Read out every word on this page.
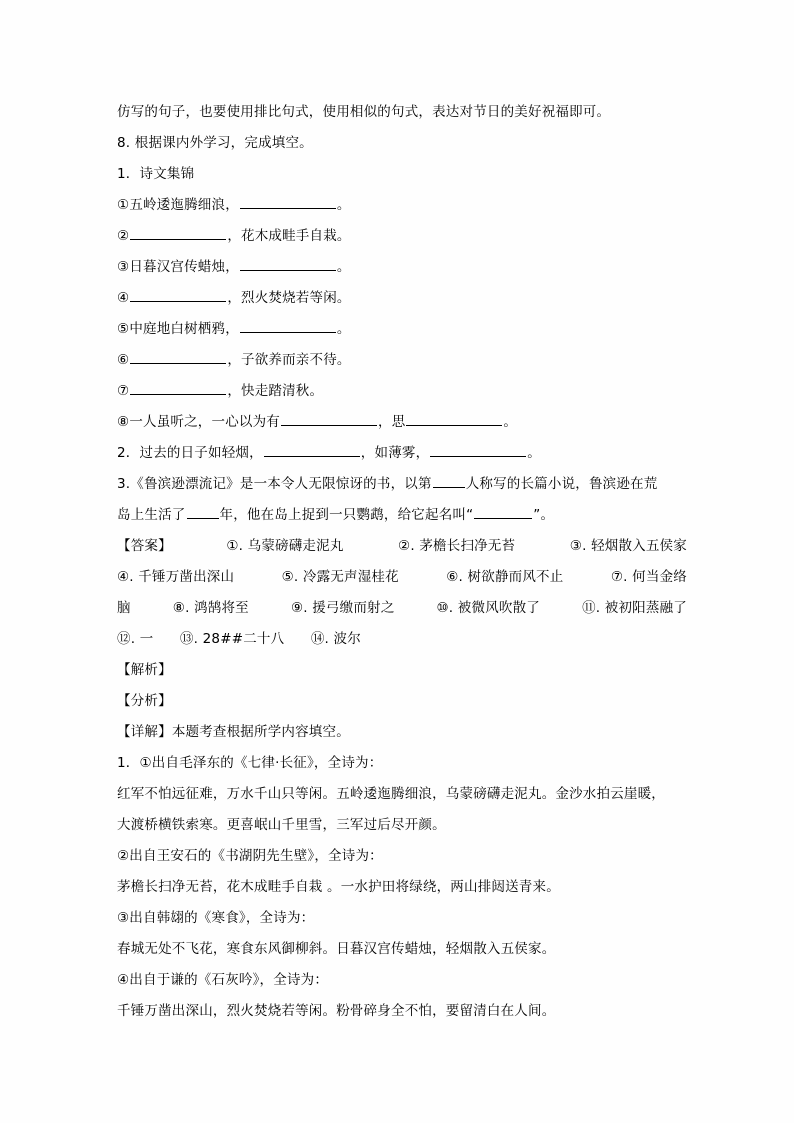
仿写的句子，也要使用排比句式，使用相似的句式，表达对节日的美好祝福即可。
8. 根据课内外学习，完成填空。
1．诗文集锦
①五岭逶迤腾细浪，	。
②	，花木成畦手自栽。
③日暮汉宫传蜡烛，	。
④	，烈火焚烧若等闲。
⑤中庭地白树栖鸦，	。
⑥	，子欲养而亲不待。
⑦	，快走踏清秋。
⑧一人虽听之，一心以为有	，思	。
2．过去的日子如轻烟，	，如薄雾，	。
3.《鲁滨逊漂流记》是一本令人无限惊讶的书，以第	人称写的长篇小说，鲁滨逊在荒
岛上生活了	年，他在岛上捉到一只鹦鹉，给它起名叫“	”。
【答案】	①. 乌蒙磅礴走泥丸	②. 茅檐长扫净无苔	③. 轻烟散入五侯家
④. 千锤万凿出深山	⑤. 冷露无声湿桂花	⑥. 树欲静而风不止	⑦. 何当金络
脑	⑧. 鸿鹄将至	⑨. 援弓缴而射之	⑩. 被微风吹散了	⑪. 被初阳蒸融了
⑫. 一 ⑬. 28##二十八 ⑭. 波尔
【解析】
【分析】
【详解】本题考查根据所学内容填空。
1．①出自毛泽东的《七律·长征》，全诗为：
红军不怕远征难，万水千山只等闲。五岭逶迤腾细浪，乌蒙磅礴走泥丸。金沙水拍云崖暖，
大渡桥横铁索寒。更喜岷山千里雪，三军过后尽开颜。
②出自王安石的《书湖阴先生壁》，全诗为：
茅檐长扫净无苔，花木成畦手自栽 。一水护田将绿绕，两山排闼送青来。
③出自韩翃的《寒食》，全诗为：
春城无处不飞花，寒食东风御柳斜。日暮汉宫传蜡烛，轻烟散入五侯家。
④出自于谦的《石灰吟》，全诗为：
千锤万凿出深山，烈火焚烧若等闲。粉骨碎身全不怕，要留清白在人间。
